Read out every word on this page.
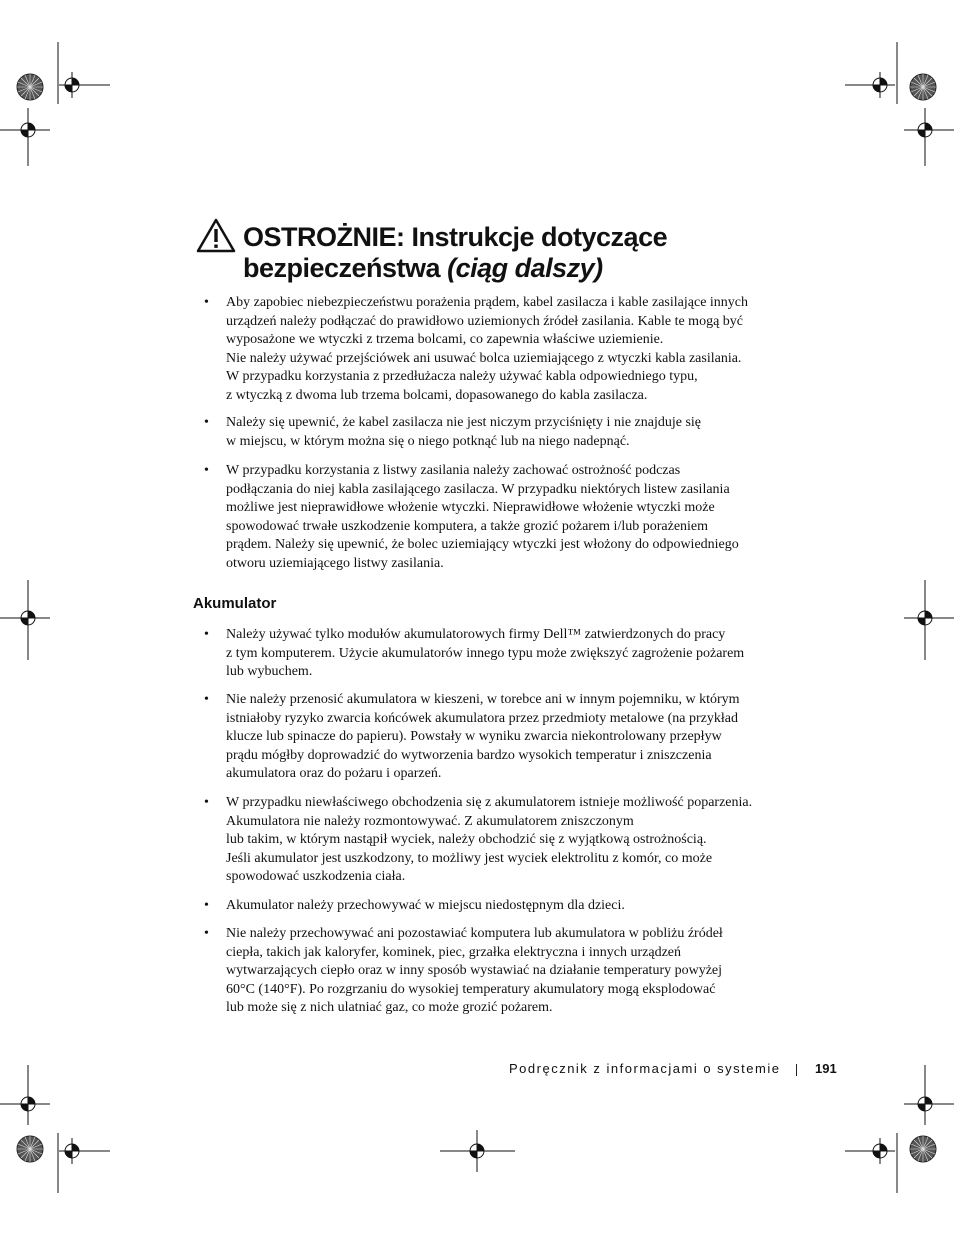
OSTROŻNIE: Instrukcje dotyczące
bezpieczeństwa (ciąg dalszy)
• Aby zapobiec niebezpieczeństwu porażenia prądem, kabel zasilacza i kable zasilające innych
urządzeń należy podłączać do prawidłowo uziemionych źródeł zasilania. Kable te mogą być
wyposażone we wtyczki z trzema bolcami, co zapewnia właściwe uziemienie.
Nie należy używać przejściówek ani usuwać bolca uziemiającego z wtyczki kabla zasilania.
W przypadku korzystania z przedłużacza należy używać kabla odpowiedniego typu,
z wtyczką z dwoma lub trzema bolcami, dopasowanego do kabla zasilacza.
• Należy się upewnić, że kabel zasilacza nie jest niczym przyciśnięty i nie znajduje się
w miejscu, w którym można się o niego potknąć lub na niego nadepnąć.
• W przypadku korzystania z listwy zasilania należy zachować ostrożność podczas
podłączania do niej kabla zasilającego zasilacza. W przypadku niektórych listew zasilania
możliwe jest nieprawidłowe włożenie wtyczki. Nieprawidłowe włożenie wtyczki może
spowodować trwałe uszkodzenie komputera, a także grozić pożarem i/lub porażeniem
prądem. Należy się upewnić, że bolec uziemiający wtyczki jest włożony do odpowiedniego
otworu uziemiającego listwy zasilania.
Akumulator
• Należy używać tylko modułów akumulatorowych firmy Dell™ zatwierdzonych do pracy
z tym komputerem. Użycie akumulatorów innego typu może zwiększyć zagrożenie pożarem
lub wybuchem.
• Nie należy przenosić akumulatora w kieszeni, w torebce ani w innym pojemniku, w którym
istniałoby ryzyko zwarcia końcówek akumulatora przez przedmioty metalowe (na przykład
klucze lub spinacze do papieru). Powstały w wyniku zwarcia niekontrolowany przepływ
prądu mógłby doprowadzić do wytworzenia bardzo wysokich temperatur i zniszczenia
akumulatora oraz do pożaru i oparzeń.
• W przypadku niewłaściwego obchodzenia się z akumulatorem istnieje możliwość poparzenia.
Akumulatora nie należy rozmontowywać. Z akumulatorem zniszczonym
lub takim, w którym nastąpił wyciek, należy obchodzić się z wyjątkową ostrożnością.
Jeśli akumulator jest uszkodzony, to możliwy jest wyciek elektrolitu z komór, co może
spowodować uszkodzenia ciała.
• Akumulator należy przechowywać w miejscu niedostępnym dla dzieci.
• Nie należy przechowywać ani pozostawiać komputera lub akumulatora w pobliżu źródeł
ciepła, takich jak kaloryfer, kominek, piec, grzałka elektryczna i innych urządzeń
wytwarzających ciepło oraz w inny sposób wystawiać na działanie temperatury powyżej
60°C (140°F). Po rozgrzaniu do wysokiej temperatury akumulatory mogą eksplodować
lub może się z nich ulatniać gaz, co może grozić pożarem.
Podręcznik z informacjami o systemie	191
